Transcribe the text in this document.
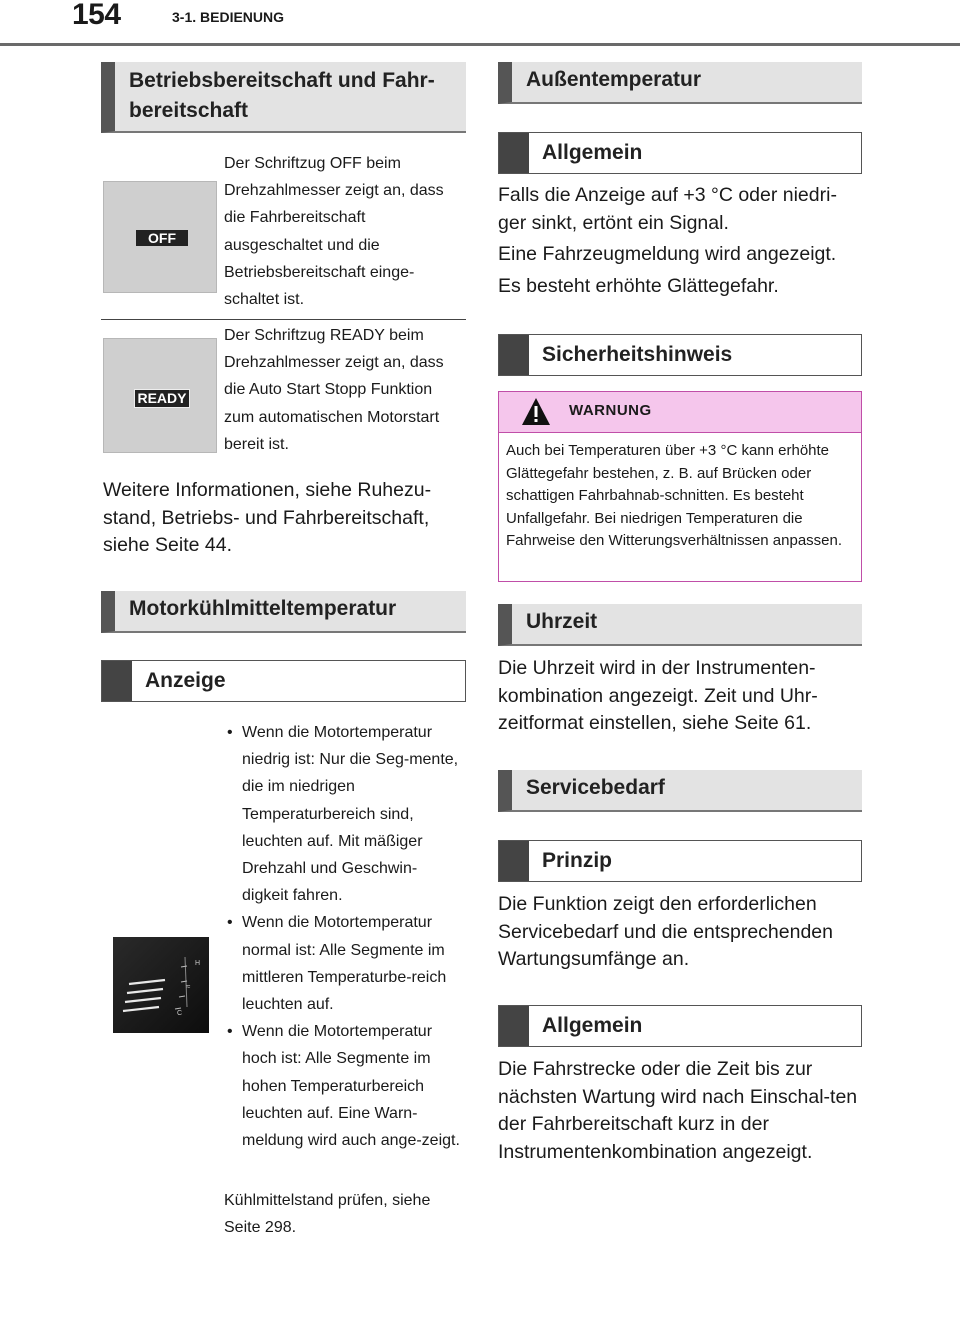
154	3-1. BEDIENUNG
Betriebsbereitschaft und Fahr-bereitschaft
OFF
Der Schriftzug OFF beim Drehzahlmesser zeigt an, dass die Fahrbereitschaft ausgeschaltet und die Betriebsbereitschaft einge-schaltet ist.
READY
Der Schriftzug READY beim Drehzahlmesser zeigt an, dass die Auto Start Stopp Funktion zum automatischen Motorstart bereit ist.
Weitere Informationen, siehe Ruhezu-stand, Betriebs- und Fahrbereitschaft, siehe Seite 44.
Motorkühlmitteltemperatur
Anzeige
H
C
≈
• Wenn die Motortemperatur niedrig ist: Nur die Seg-mente, die im niedrigen Temperaturbereich sind, leuchten auf. Mit mäßiger Drehzahl und Geschwin-digkeit fahren.
• Wenn die Motortemperatur normal ist: Alle Segmente im mittleren Temperaturbe-reich leuchten auf.
• Wenn die Motortemperatur hoch ist: Alle Segmente im hohen Temperaturbereich leuchten auf. Eine Warn-meldung wird auch ange-zeigt.
Kühlmittelstand prüfen, siehe Seite 298.
Außentemperatur
Allgemein
Falls die Anzeige auf +3 °C oder niedri-ger sinkt, ertönt ein Signal.
Eine Fahrzeugmeldung wird angezeigt.
Es besteht erhöhte Glättegefahr.
Sicherheitshinweis
WARNUNG
Auch bei Temperaturen über +3 °C kann erhöhte Glättegefahr bestehen, z. B. auf Brücken oder schattigen Fahrbahnab-schnitten. Es besteht Unfallgefahr. Bei niedrigen Temperaturen die Fahrweise den Witterungsverhältnissen anpassen.
Uhrzeit
Die Uhrzeit wird in der Instrumenten-kombination angezeigt. Zeit und Uhr-zeitformat einstellen, siehe Seite 61.
Servicebedarf
Prinzip
Die Funktion zeigt den erforderlichen Servicebedarf und die entsprechenden Wartungsumfänge an.
Allgemein
Die Fahrstrecke oder die Zeit bis zur nächsten Wartung wird nach Einschal-ten der Fahrbereitschaft kurz in der Instrumentenkombination angezeigt.
